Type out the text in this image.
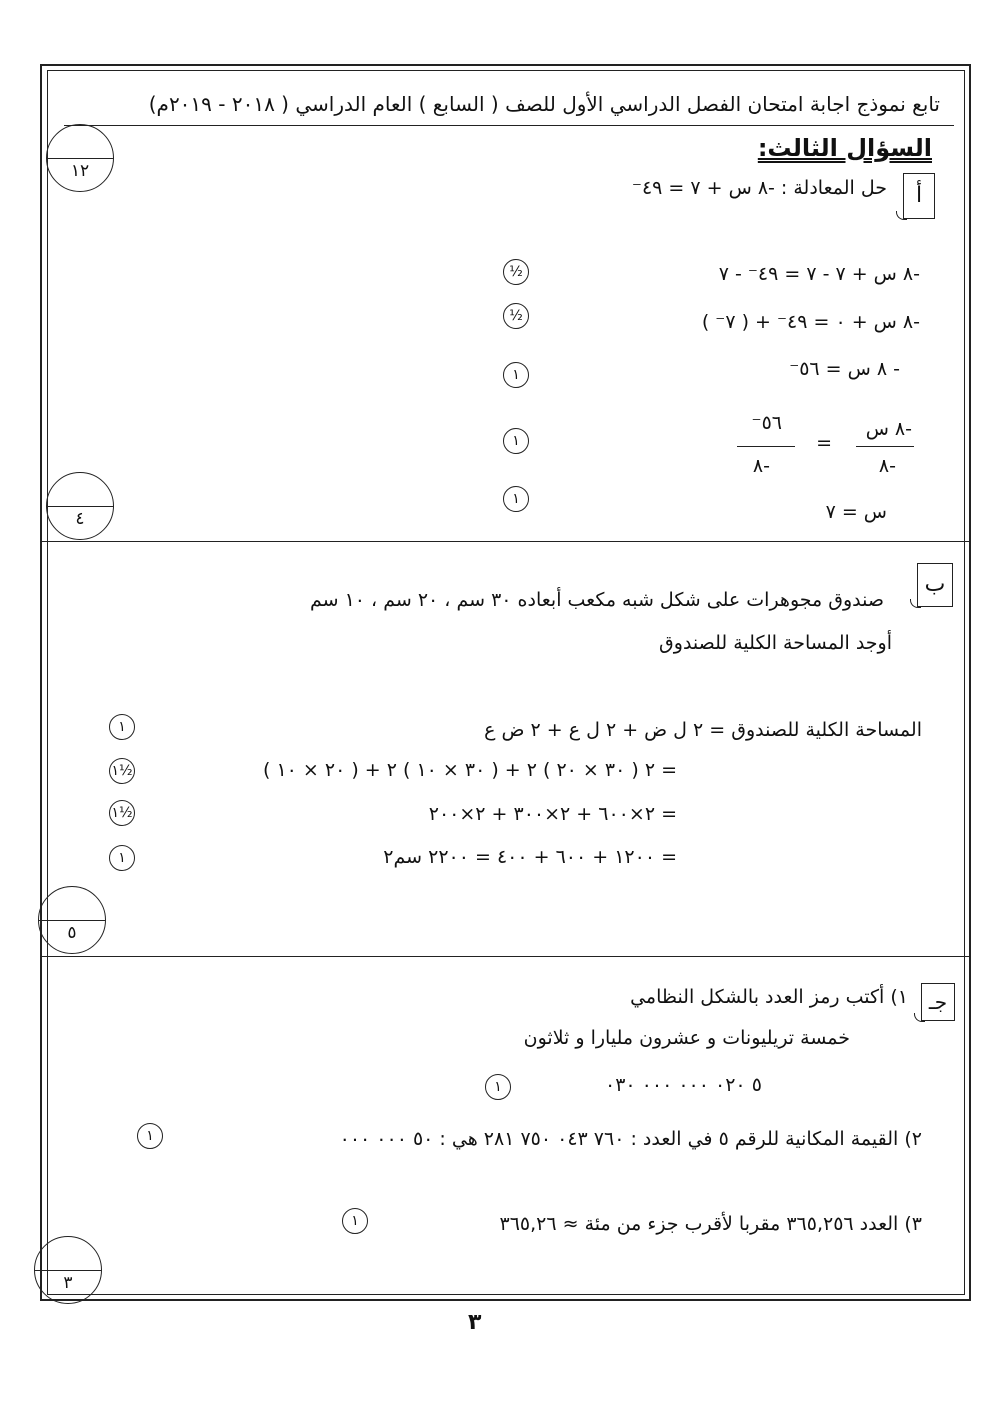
تابع نموذج اجابة امتحان الفصل الدراسي الأول للصف ( السابع ) العام الدراسي ( ٢٠١٨ - ٢٠١٩م)
السؤال الثالث:
١٢
أ
حل المعادلة : -٨ س + ٧ = ٤٩⁻
-٨ س + ٧ - ٧ = ٤٩⁻ - ٧
-٨ س + ٠ = ٤٩⁻ + ( ٧⁻ )
- ٨ س = ٥٦⁻
-٨ س
-٨
=
٥٦⁻
-٨
س = ٧
½
½
١
١
١
٤
ب
صندوق مجوهرات على شكل شبه مكعب أبعاده ٣٠ سم ، ٢٠ سم ، ١٠ سم
أوجد المساحة الكلية للصندوق
المساحة الكلية للصندوق = ٢ ل ض + ٢ ل ع + ٢ ض ع
= ٢ ( ٣٠ × ٢٠ ) ٢ + ( ٣٠ × ١٠ ) ٢ + ( ٢٠ × ١٠ )
= ٢×٦٠٠ + ٢×٣٠٠ + ٢×٢٠٠
= ١٢٠٠ + ٦٠٠ + ٤٠٠ = ٢٢٠٠ سم٢
١
١½
١½
١
٥
جـ
١) أكتب رمز العدد بالشكل النظامي
خمسة تريليونات و عشرون مليارا و ثلاثون
٥ ٠٢٠ ٠٠٠ ٠٠٠ ٠٣٠
١
٢) القيمة المكانية للرقم ٥ في العدد : ٧٦٠ ٠٤٣ ٧٥٠ ٢٨١ هي : ٥٠ ٠٠٠ ٠٠٠
١
٣) العدد ٣٦٥,٢٥٦ مقربا لأقرب جزء من مئة ≈ ٣٦٥,٢٦
١
٣
٣
